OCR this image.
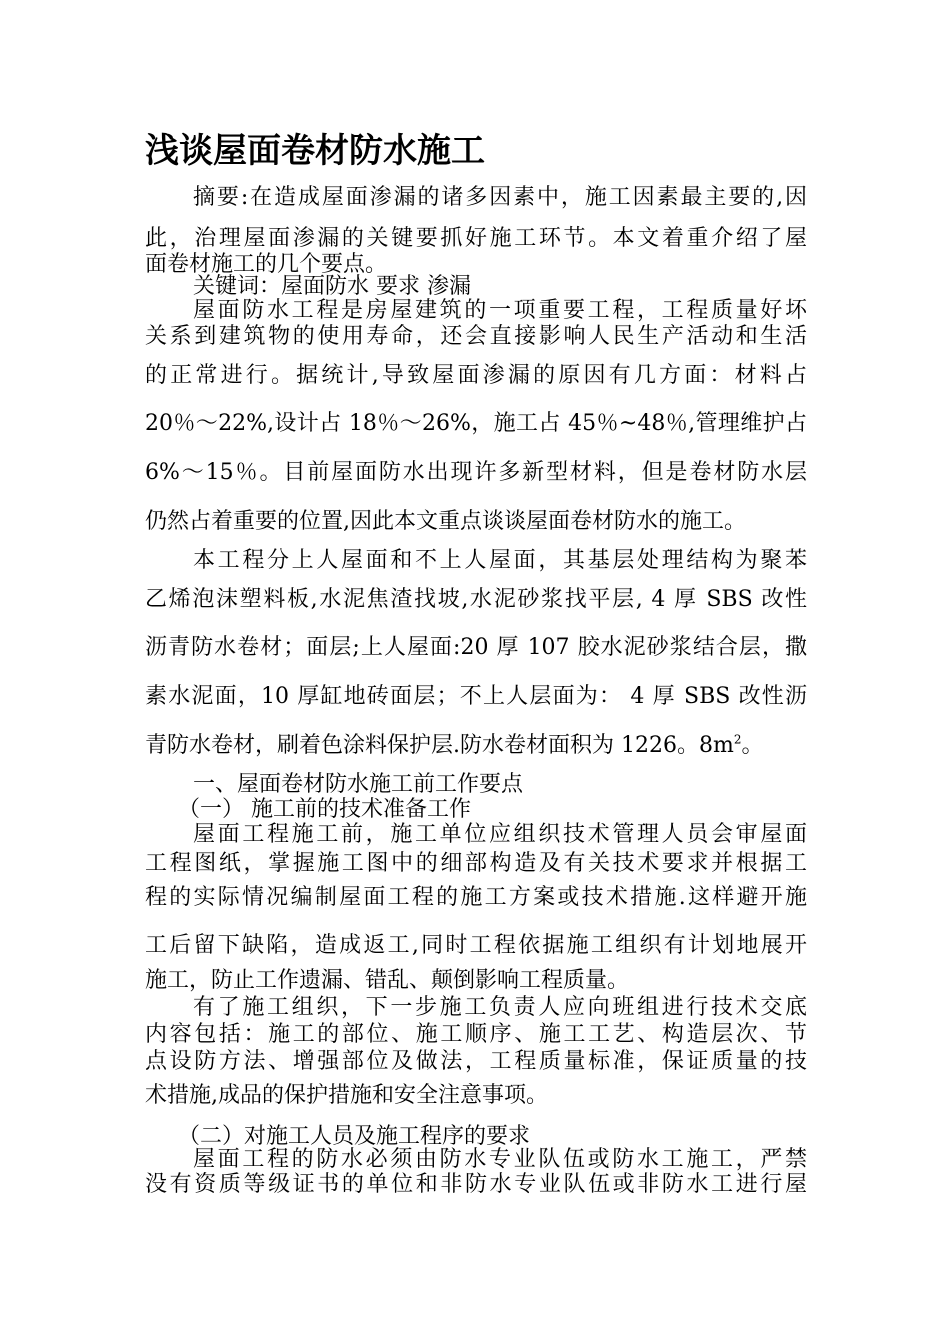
浅谈屋面卷材防水施工
摘要:在造成屋面渗漏的诸多因素中，施工因素最主要的,因
此，治理屋面渗漏的关键要抓好施工环节。本文着重介绍了屋
面卷材施工的几个要点。
关键词：屋面防水 要求 渗漏
屋面防水工程是房屋建筑的一项重要工程，工程质量好坏
关系到建筑物的使用寿命，还会直接影响人民生产活动和生活
的正常进行。据统计,导致屋面渗漏的原因有几方面：材料占
20％～22%,设计占 18％～26%，施工占 45％~48％,管理维护占
6%～15％。目前屋面防水出现许多新型材料，但是卷材防水层
仍然占着重要的位置,因此本文重点谈谈屋面卷材防水的施工。
本工程分上人屋面和不上人屋面，其基层处理结构为聚苯
乙烯泡沫塑料板,水泥焦渣找坡,水泥砂浆找平层, 4 厚 SBS 改性
沥青防水卷材；面层;上人屋面:20 厚 107 胶水泥砂浆结合层，撒
素水泥面，10 厚缸地砖面层；不上人层面为： 4 厚 SBS 改性沥
青防水卷材，刷着色涂料保护层.防水卷材面积为 1226。$8m^2$。
一、屋面卷材防水施工前工作要点
（一） 施工前的技术准备工作
屋面工程施工前，施工单位应组织技术管理人员会审屋面
工程图纸，掌握施工图中的细部构造及有关技术要求并根据工
程的实际情况编制屋面工程的施工方案或技术措施.这样避开施
工后留下缺陷，造成返工,同时工程依据施工组织有计划地展开
施工，防止工作遗漏、错乱、颠倒影响工程质量。
有了施工组织，下一步施工负责人应向班组进行技术交底
内容包括：施工的部位、施工顺序、施工工艺、构造层次、节
点设防方法、增强部位及做法，工程质量标准，保证质量的技
术措施,成品的保护措施和安全注意事项。
（二）对施工人员及施工程序的要求
屋面工程的防水必须由防水专业队伍或防水工施工，严禁
没有资质等级证书的单位和非防水专业队伍或非防水工进行屋
